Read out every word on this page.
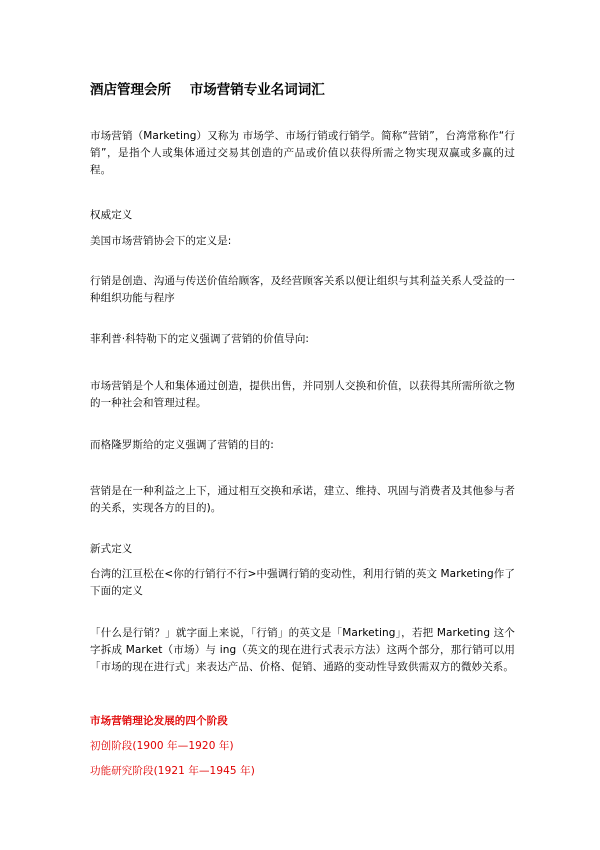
酒店管理会所    市场营销专业名词词汇

市场营销（Marketing）又称为 市场学、市场行销或行销学。简称“营销”，台湾常称作“行销”，是指个人或集体通过交易其创造的产品或价值以获得所需之物实现双赢或多赢的过程。

权威定义

美国市场营销协会下的定义是:

行销是创造、沟通与传送价值给顾客，及经营顾客关系以便让组织与其利益关系人受益的一种组织功能与程序

菲利普·科特勒下的定义强调了营销的价值导向:

市场营销是个人和集体通过创造，提供出售，并同别人交换和价值，以获得其所需所欲之物的一种社会和管理过程。

而格隆罗斯给的定义强调了营销的目的:

营销是在一种利益之上下，通过相互交换和承诺，建立、维持、巩固与消费者及其他参与者的关系，实现各方的目的)。

新式定义

台湾的江亘松在<你的行销行不行>中强调行销的变动性，利用行销的英文 Marketing作了下面的定义

「什么是行销？」就字面上来说，「行销」的英文是「Marketing」，若把 Marketing 这个字拆成 Market（市场）与 ing（英文的现在进行式表示方法）这两个部分，那行销可以用「市场的现在进行式」来表达产品、价格、促销、通路的变动性导致供需双方的微妙关系。

市场营销理论发展的四个阶段

初创阶段(1900 年—1920 年)

功能研究阶段(1921 年—1945 年)
